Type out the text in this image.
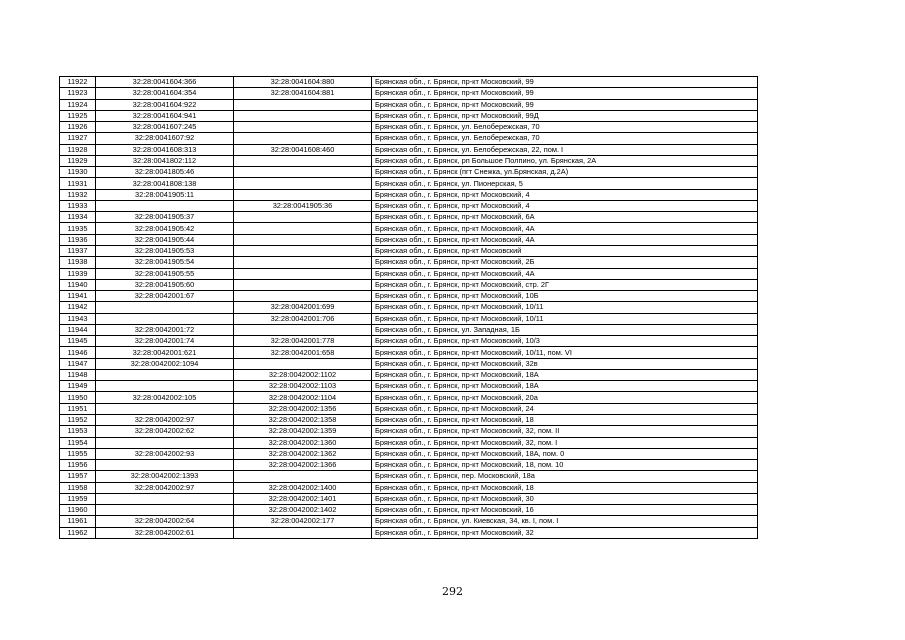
11922	32:28:0041604:366	32:28:0041604:880	Брянская обл., г. Брянск, пр-кт Московский, 99
11923	32:28:0041604:354	32:28:0041604:881	Брянская обл., г. Брянск, пр-кт Московский, 99
11924	32:28:0041604:922		Брянская обл., г. Брянск, пр-кт Московский, 99
11925	32:28:0041604:941		Брянская обл., г. Брянск, пр-кт Московский, 99Д
11926	32:28:0041607:245		Брянская обл., г. Брянск, ул. Белобережская, 70
11927	32:28:0041607:92		Брянская обл., г. Брянск, ул. Белобережская, 70
11928	32:28:0041608:313	32:28:0041608:460	Брянская обл., г. Брянск, ул. Белобережская, 22, пом. I
11929	32:28:0041802:112		Брянская обл., г. Брянск, рп Большое Полпино, ул. Брянская, 2А
11930	32:28:0041805:46		Брянская обл., г. Брянск (пгт Снежка, ул.Брянская, д.2А)
11931	32:28:0041808:138		Брянская обл., г. Брянск, ул. Пионерская, 5
11932	32:28:0041905:11		Брянская обл., г. Брянск, пр-кт Московский, 4
11933		32:28:0041905:36	Брянская обл., г. Брянск, пр-кт Московский, 4
11934	32:28:0041905:37		Брянская обл., г. Брянск, пр-кт Московский, 6А
11935	32:28:0041905:42		Брянская обл., г. Брянск, пр-кт Московский, 4А
11936	32:28:0041905:44		Брянская обл., г. Брянск, пр-кт Московский, 4А
11937	32:28:0041905:53		Брянская обл., г. Брянск, пр-кт Московский
11938	32:28:0041905:54		Брянская обл., г. Брянск, пр-кт Московский, 2Б
11939	32:28:0041905:55		Брянская обл., г. Брянск, пр-кт Московский, 4А
11940	32:28:0041905:60		Брянская обл., г. Брянск, пр-кт Московский, стр. 2Г
11941	32:28:0042001:67		Брянская обл., г. Брянск, пр-кт Московский, 10Б
11942		32:28:0042001:699	Брянская обл., г. Брянск, пр-кт Московский, 10/11
11943		32:28:0042001:706	Брянская обл., г. Брянск, пр-кт Московский, 10/11
11944	32:28:0042001:72		Брянская обл., г. Брянск, ул. Западная, 1Б
11945	32:28:0042001:74	32:28:0042001:778	Брянская обл., г. Брянск, пр-кт Московский, 10/3
11946	32:28:0042001:621	32:28:0042001:658	Брянская обл., г. Брянск, пр-кт Московский, 10/11, пом. VI
11947	32:28:0042002:1094		Брянская обл., г. Брянск, пр-кт Московский, 32в
11948		32:28:0042002:1102	Брянская обл., г. Брянск, пр-кт Московский, 18А
11949		32:28:0042002:1103	Брянская обл., г. Брянск, пр-кт Московский, 18А
11950	32:28:0042002:105	32:28:0042002:1104	Брянская обл., г. Брянск, пр-кт Московский, 20а
11951		32:28:0042002:1356	Брянская обл., г. Брянск, пр-кт Московский, 24
11952	32:28:0042002:97	32:28:0042002:1358	Брянская обл., г. Брянск, пр-кт Московский, 18
11953	32:28:0042002:62	32:28:0042002:1359	Брянская обл., г. Брянск, пр-кт Московский, 32, пом. II
11954		32:28:0042002:1360	Брянская обл., г. Брянск, пр-кт Московский, 32, пом. I
11955	32:28:0042002:93	32:28:0042002:1362	Брянская обл., г. Брянск, пр-кт Московский, 18А, пом. 0
11956		32:28:0042002:1366	Брянская обл., г. Брянск, пр-кт Московский, 18, пом. 10
11957	32:28:0042002:1393		Брянская обл., г. Брянск, пер. Московский, 18а
11958	32:28:0042002:97	32:28:0042002:1400	Брянская обл., г. Брянск, пр-кт Московский, 18
11959		32:28:0042002:1401	Брянская обл., г. Брянск, пр-кт Московский, 30
11960		32:28:0042002:1402	Брянская обл., г. Брянск, пр-кт Московский, 16
11961	32:28:0042002:64	32:28:0042002:177	Брянская обл., г. Брянск, ул. Киевская, 34, кв. I, пом. I
11962	32:28:0042002:61		Брянская обл., г. Брянск, пр-кт Московский, 32
292
